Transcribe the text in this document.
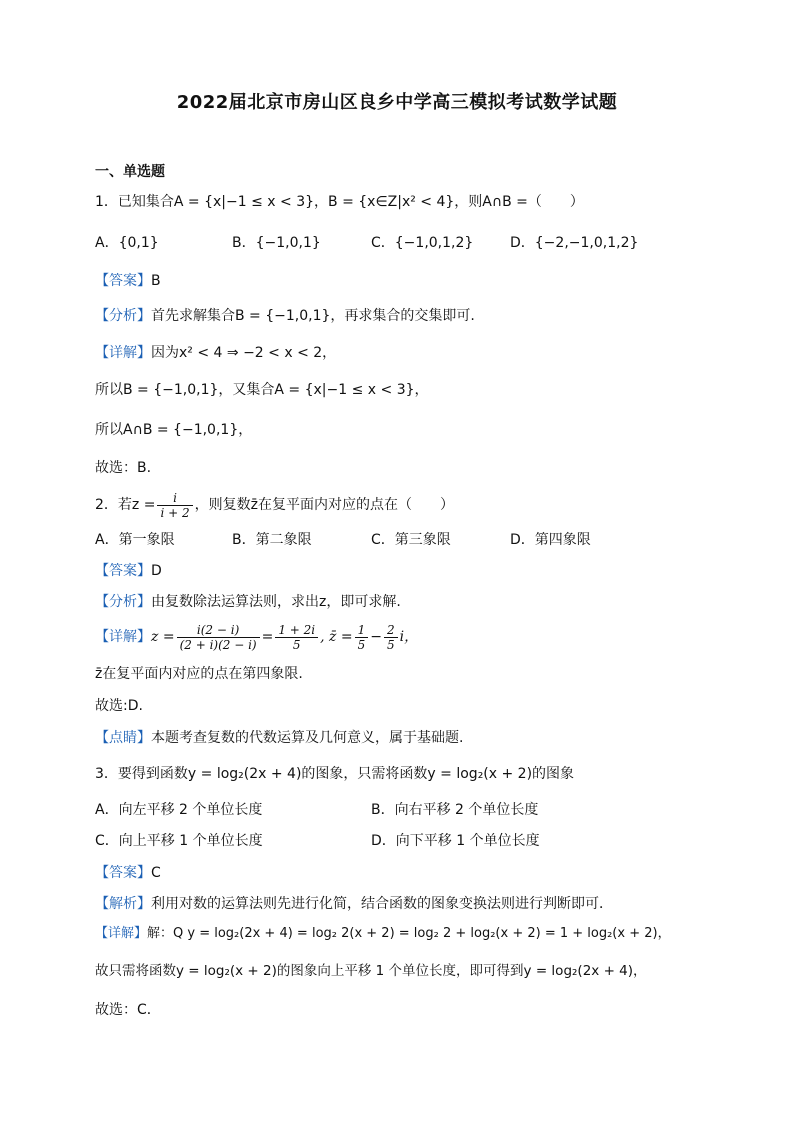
2022届北京市房山区良乡中学高三模拟考试数学试题
一、单选题
1．已知集合A = {x|−1 ≤ x < 3}，B = {x∈Z|x² < 4}，则A∩B =（　　）
A．{0,1}	B．{−1,0,1}	C．{−1,0,1,2}	D．{−2,−1,0,1,2}
【答案】B
【分析】首先求解集合B = {−1,0,1}，再求集合的交集即可.
【详解】因为x² < 4 ⇒ −2 < x < 2，
所以B = {−1,0,1}，又集合A = {x|−1 ≤ x < 3}，
所以A∩B = {−1,0,1}，
故选：B.
2．若$z = \frac{i}{i + 2}$ ，则复数z̄在复平面内对应的点在（　　）
A．第一象限	B．第二象限	C．第三象限	D．第四象限
【答案】D
【分析】由复数除法运算法则，求出z，即可求解.
【详解】$z = \frac{i(2 - i)}{(2 + i)(2 - i)} = \frac{1 + 2i}{5}$ , z̄ = $\frac{1}{5} - \frac{2}{5}$ i，
z̄在复平面内对应的点在第四象限.
故选:D.
【点睛】本题考查复数的代数运算及几何意义，属于基础题.
3．要得到函数y = log₂(2x + 4)的图象，只需将函数y = log₂(x + 2)的图象
A．向左平移 2 个单位长度	B．向右平移 2 个单位长度
C．向上平移 1 个单位长度	D．向下平移 1 个单位长度
【答案】C
【解析】利用对数的运算法则先进行化简，结合函数的图象变换法则进行判断即可．
【详解】解：Q y = log₂(2x + 4) = log₂ 2(x + 2) = log₂ 2 + log₂(x + 2) = 1 + log₂(x + 2)，
故只需将函数y = log₂(x + 2)的图象向上平移 1 个单位长度，即可得到y = log₂(2x + 4)，
故选：C．
